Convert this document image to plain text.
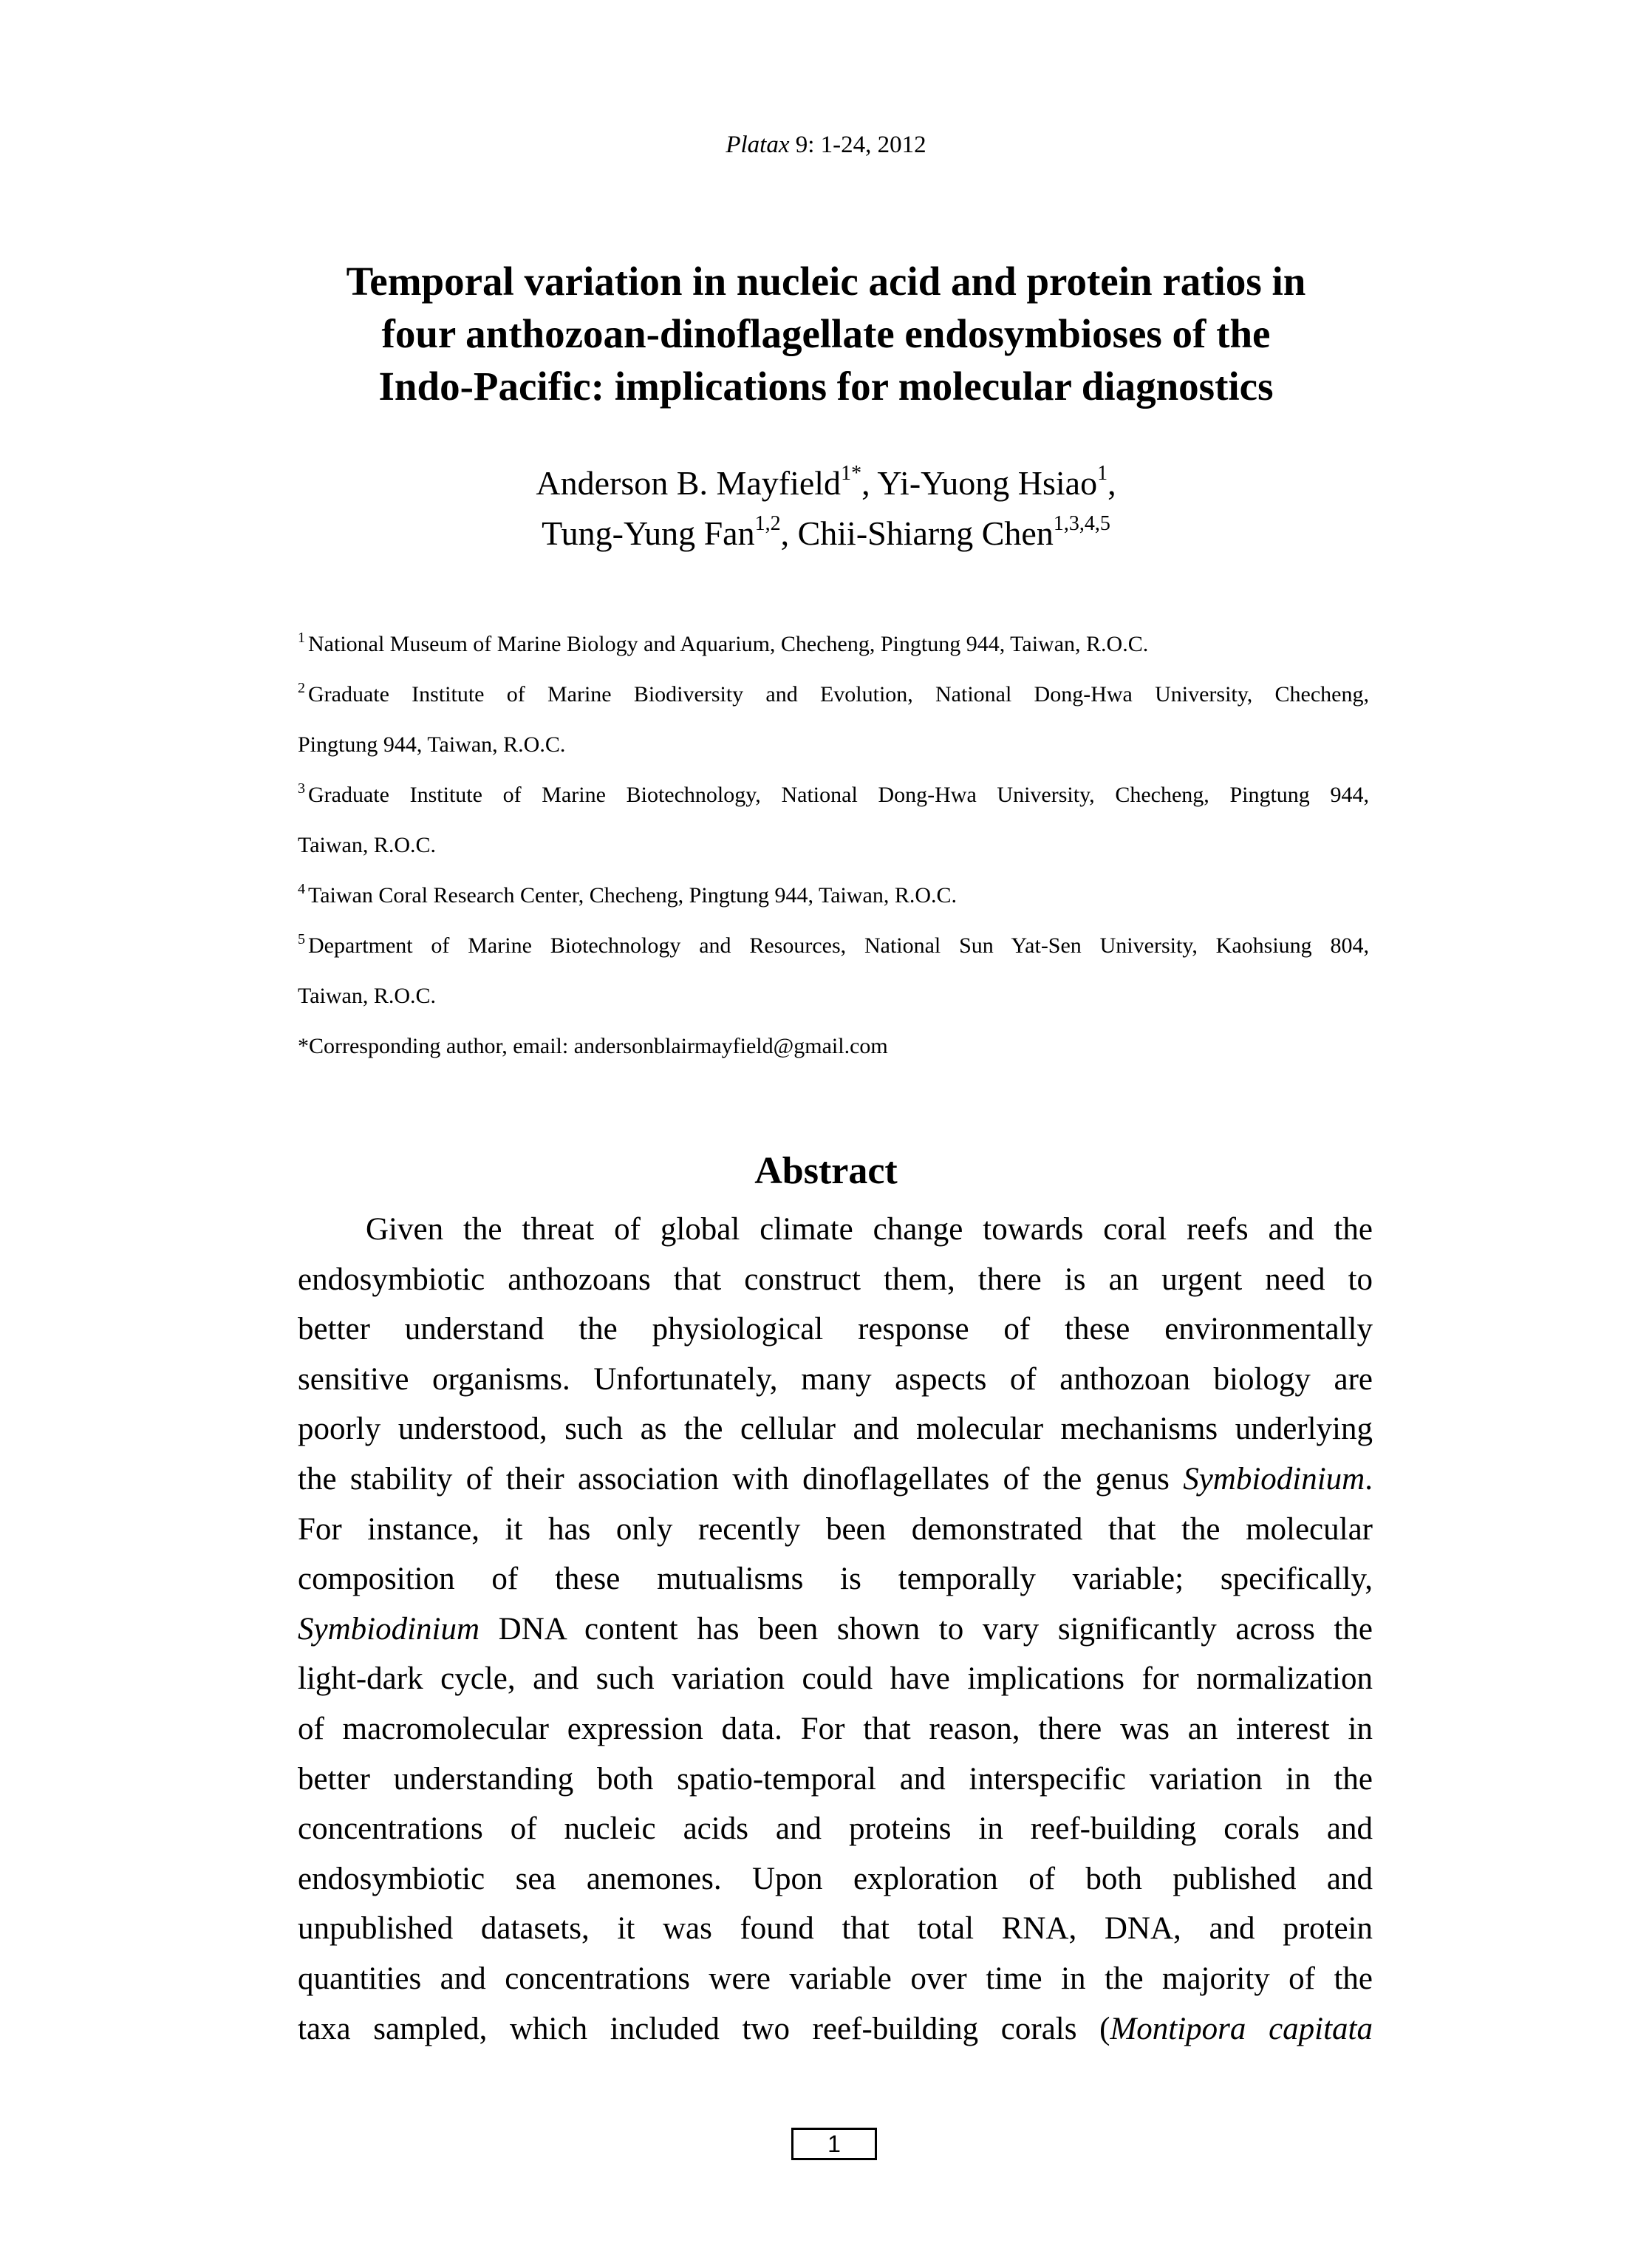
Platax 9: 1-24, 2012
Temporal variation in nucleic acid and protein ratios in
four anthozoan-dinoflagellate endosymbioses of the
Indo-Pacific: implications for molecular diagnostics
Anderson B. Mayfield$^{1*}$, Yi-Yuong Hsiao$^1$,
Tung-Yung Fan$^{1,2}$, Chii-Shiarng Chen$^{1,3,4,5}$
$^1$ National Museum of Marine Biology and Aquarium, Checheng, Pingtung 944, Taiwan, R.O.C.
$^2$ Graduate Institute of Marine Biodiversity and Evolution, National Dong-Hwa University, Checheng,
Pingtung 944, Taiwan, R.O.C.
$^3$ Graduate Institute of Marine Biotechnology, National Dong-Hwa University, Checheng, Pingtung 944,
Taiwan, R.O.C.
$^4$ Taiwan Coral Research Center, Checheng, Pingtung 944, Taiwan, R.O.C.
$^5$ Department of Marine Biotechnology and Resources, National Sun Yat-Sen University, Kaohsiung 804,
Taiwan, R.O.C.
*Corresponding author, email: andersonblairmayfield@gmail.com
Abstract
Given the threat of global climate change towards coral reefs and the
endosymbiotic anthozoans that construct them, there is an urgent need to
better understand the physiological response of these environmentally
sensitive organisms. Unfortunately, many aspects of anthozoan biology are
poorly understood, such as the cellular and molecular mechanisms underlying
the stability of their association with dinoflagellates of the genus Symbiodinium.
For instance, it has only recently been demonstrated that the molecular
composition of these mutualisms is temporally variable; specifically,
Symbiodinium DNA content has been shown to vary significantly across the
light-dark cycle, and such variation could have implications for normalization
of macromolecular expression data. For that reason, there was an interest in
better understanding both spatio-temporal and interspecific variation in the
concentrations of nucleic acids and proteins in reef-building corals and
endosymbiotic sea anemones. Upon exploration of both published and
unpublished datasets, it was found that total RNA, DNA, and protein
quantities and concentrations were variable over time in the majority of the
taxa sampled, which included two reef-building corals (Montipora capitata
1
